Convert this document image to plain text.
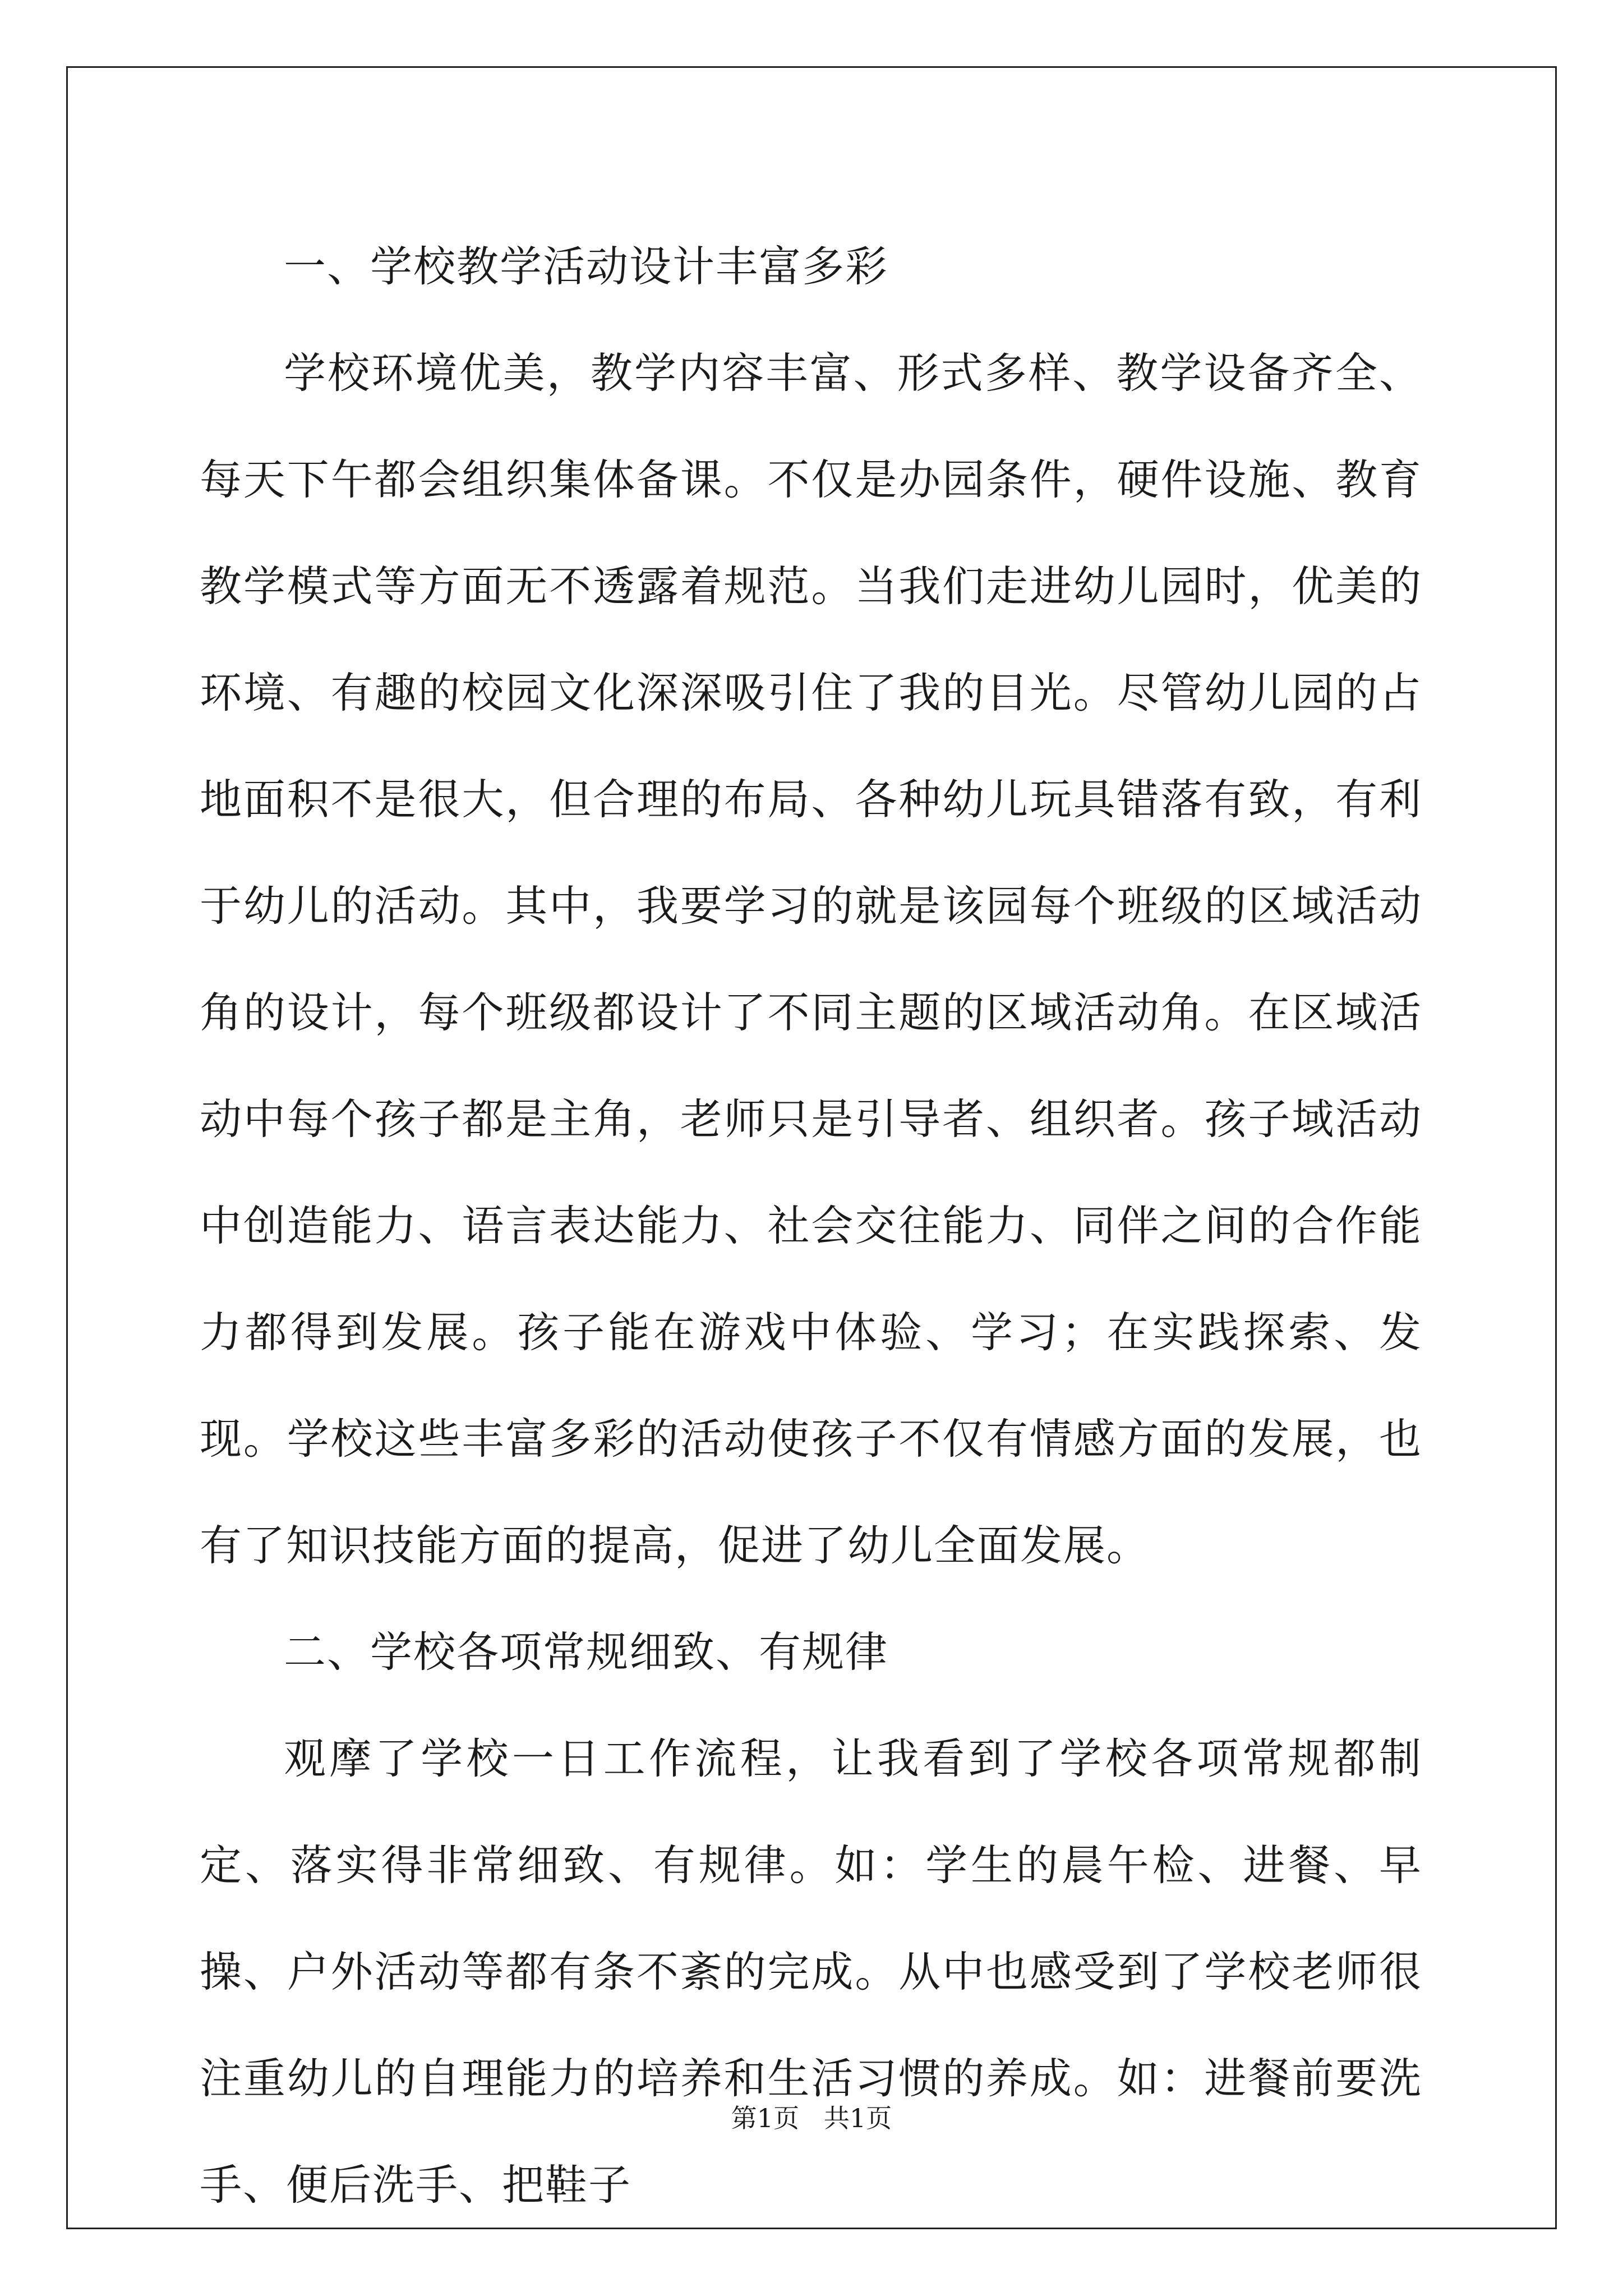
一、学校教学活动设计丰富多彩

学校环境优美，教学内容丰富、形式多样、教学设备齐全、每天下午都会组织集体备课。不仅是办园条件，硬件设施、教育教学模式等方面无不透露着规范。当我们走进幼儿园时，优美的环境、有趣的校园文化深深吸引住了我的目光。尽管幼儿园的占地面积不是很大，但合理的布局、各种幼儿玩具错落有致，有利于幼儿的活动。其中，我要学习的就是该园每个班级的区域活动角的设计，每个班级都设计了不同主题的区域活动角。在区域活动中每个孩子都是主角，老师只是引导者、组织者。孩子域活动中创造能力、语言表达能力、社会交往能力、同伴之间的合作能力都得到发展。孩子能在游戏中体验、学习；在实践探索、发现。学校这些丰富多彩的活动使孩子不仅有情感方面的发展，也有了知识技能方面的提高，促进了幼儿全面发展。

二、学校各项常规细致、有规律

观摩了学校一日工作流程，让我看到了学校各项常规都制定、落实得非常细致、有规律。如：学生的晨午检、进餐、早操、户外活动等都有条不紊的完成。从中也感受到了学校老师很注重幼儿的自理能力的培养和生活习惯的养成。如：进餐前要洗手、便后洗手、把鞋子

第1页   共1页
